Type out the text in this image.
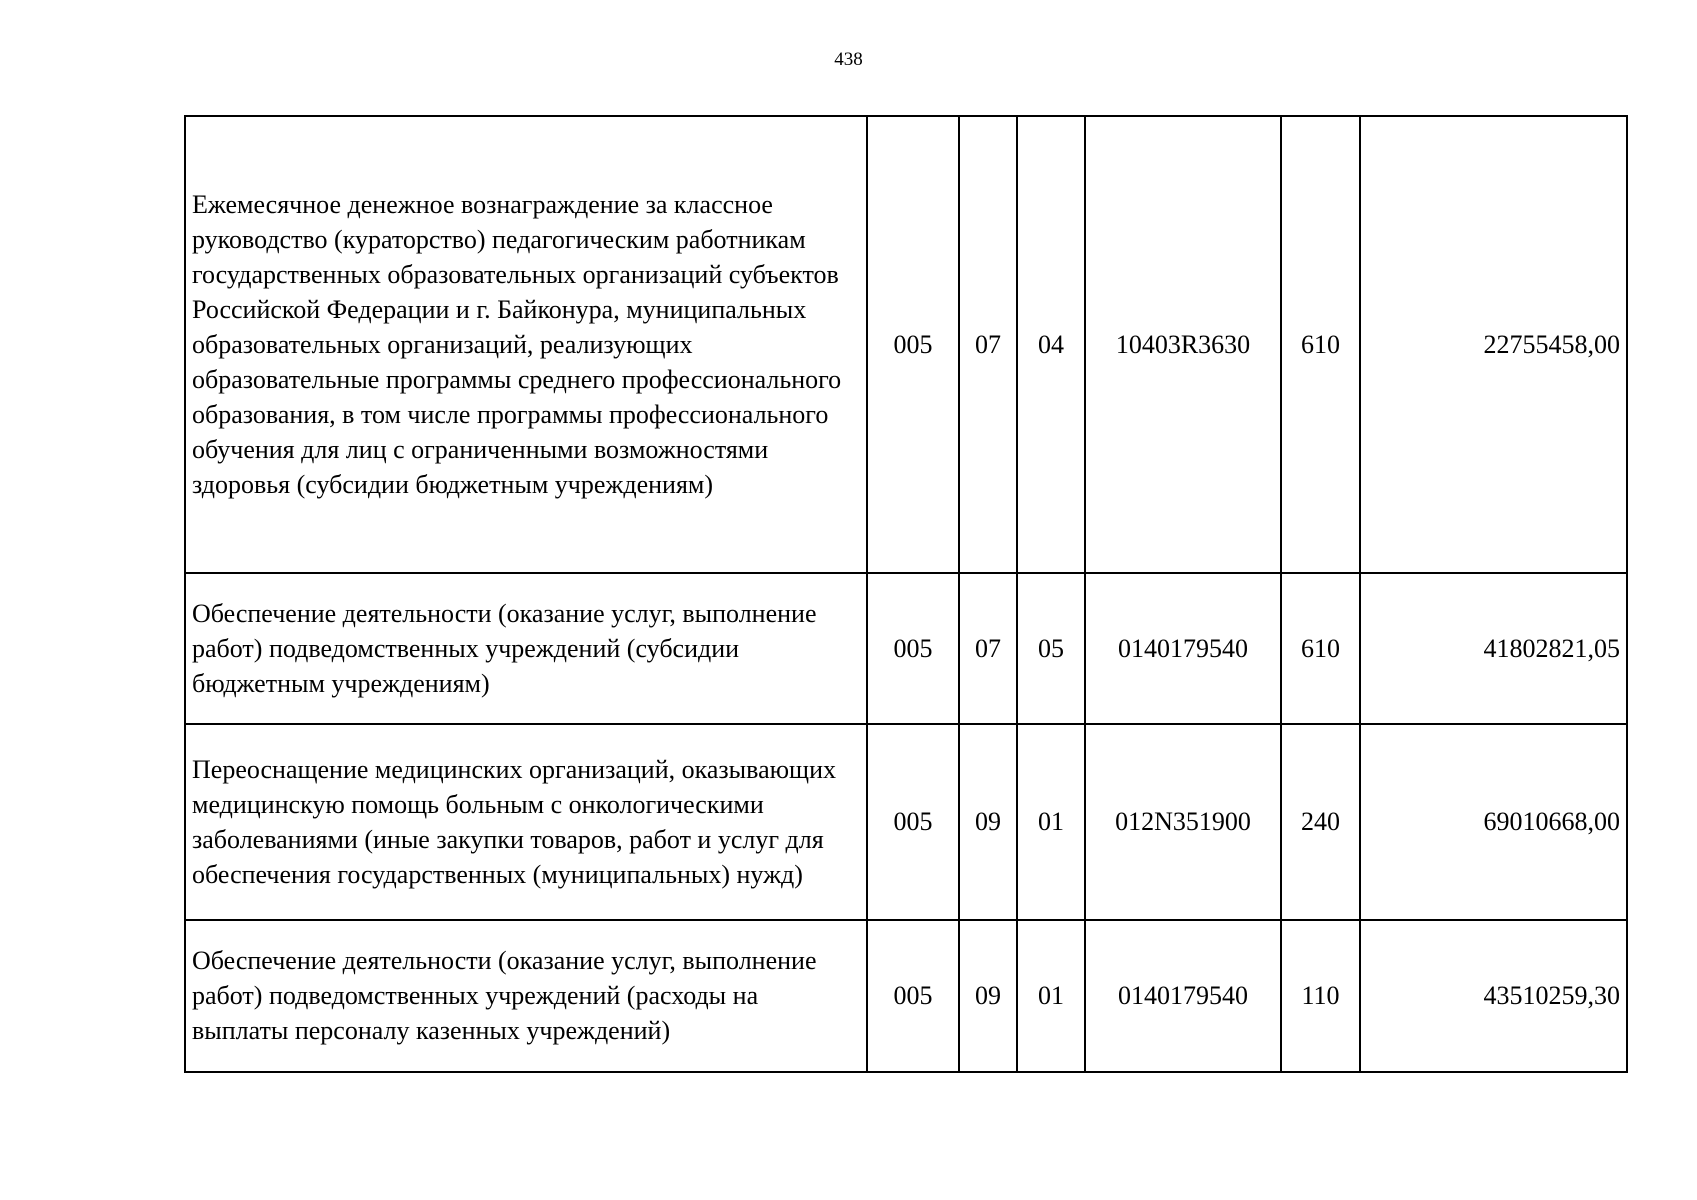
438
Ежемесячное денежное вознаграждение за классное руководство (кураторство) педагогическим работникам государственных образовательных организаций субъектов Российской Федерации и г. Байконура, муниципальных образовательных организаций, реализующих образовательные программы среднего профессионального образования, в том числе программы профессионального обучения для лиц с ограниченными возможностями здоровья (субсидии бюджетным учреждениям)	005	07	04	10403R3630	610	22755458,00
Обеспечение деятельности (оказание услуг, выполнение работ) подведомственных учреждений (субсидии бюджетным учреждениям)	005	07	05	0140179540	610	41802821,05
Переоснащение медицинских организаций, оказывающих медицинскую помощь больным с онкологическими заболеваниями (иные закупки товаров, работ и услуг для обеспечения государственных (муниципальных) нужд)	005	09	01	012N351900	240	69010668,00
Обеспечение деятельности (оказание услуг, выполнение работ) подведомственных учреждений (расходы на выплаты персоналу казенных учреждений)	005	09	01	0140179540	110	43510259,30
